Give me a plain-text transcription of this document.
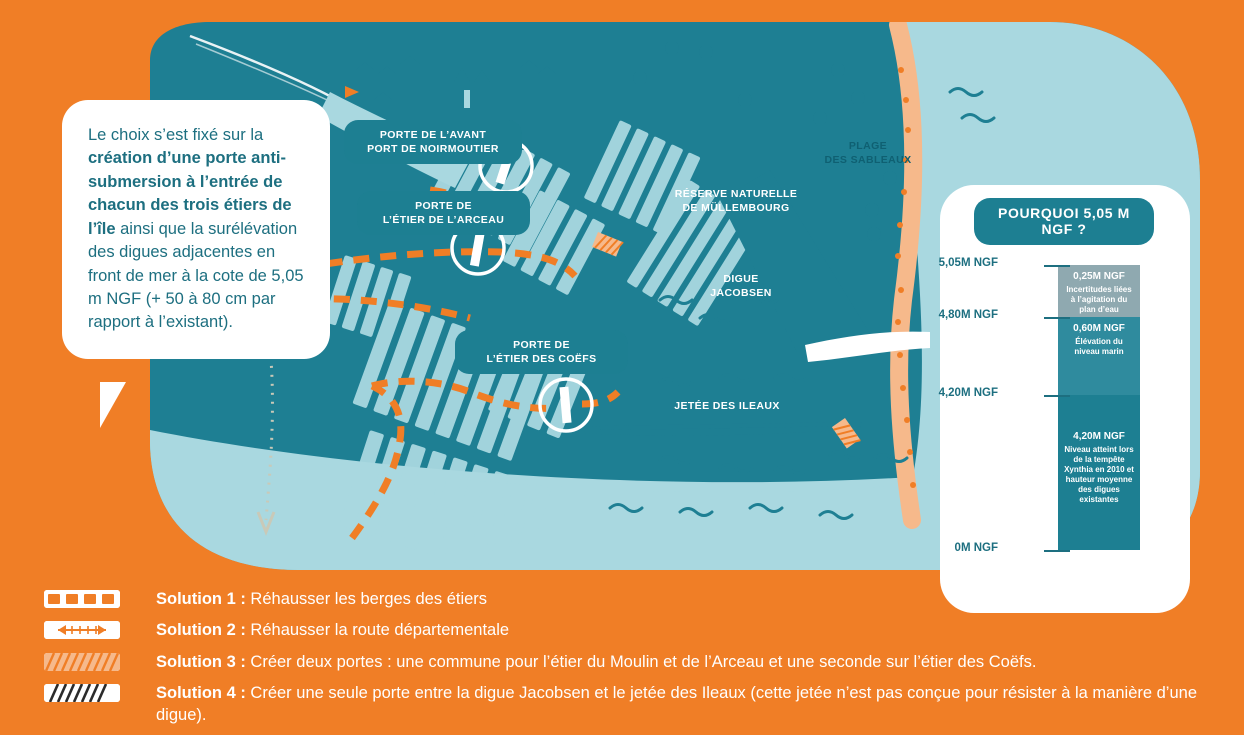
PORTE DE L’AVANT
PORT DE NOIRMOUTIER
PORTE DE
L’ÉTIER DE L’ARCEAU
PORTE DE
L’ÉTIER DES COËFS
PLAGE
DES SABLEAUX
RÉSERVE NATURELLE
DE MÜLLEMBOURG
DIGUE
JACOBSEN
JETÉE DES ILEAUX
Le choix s’est fixé sur la création d’une porte anti-submersion à l’entrée de chacun des trois étiers de l’île ainsi que la surélévation des digues adjacentes en front de mer à la cote de 5,05 m NGF (+ 50 à 80 cm par rapport à l’existant).
POURQUOI 5,05 M NGF ?
0,25M NGF
Incertitudes liées à l’agitation du plan d’eau
0,60M NGF
Élévation du niveau marin
4,20M NGF
Niveau atteint lors de la tempête Xynthia en 2010 et hauteur moyenne des digues existantes
5,05M NGF
4,80M NGF
4,20M NGF
0M NGF
Solution 1 : Réhausser les berges des étiers
Solution 2 : Réhausser la route départementale
Solution 3 : Créer deux portes : une commune pour l’étier du Moulin et de l’Arceau et une seconde sur l’étier des Coëfs.
Solution 4 : Créer une seule porte entre la digue Jacobsen et le jetée des Ileaux (cette jetée n’est pas conçue pour résister à la manière d’une digue).
